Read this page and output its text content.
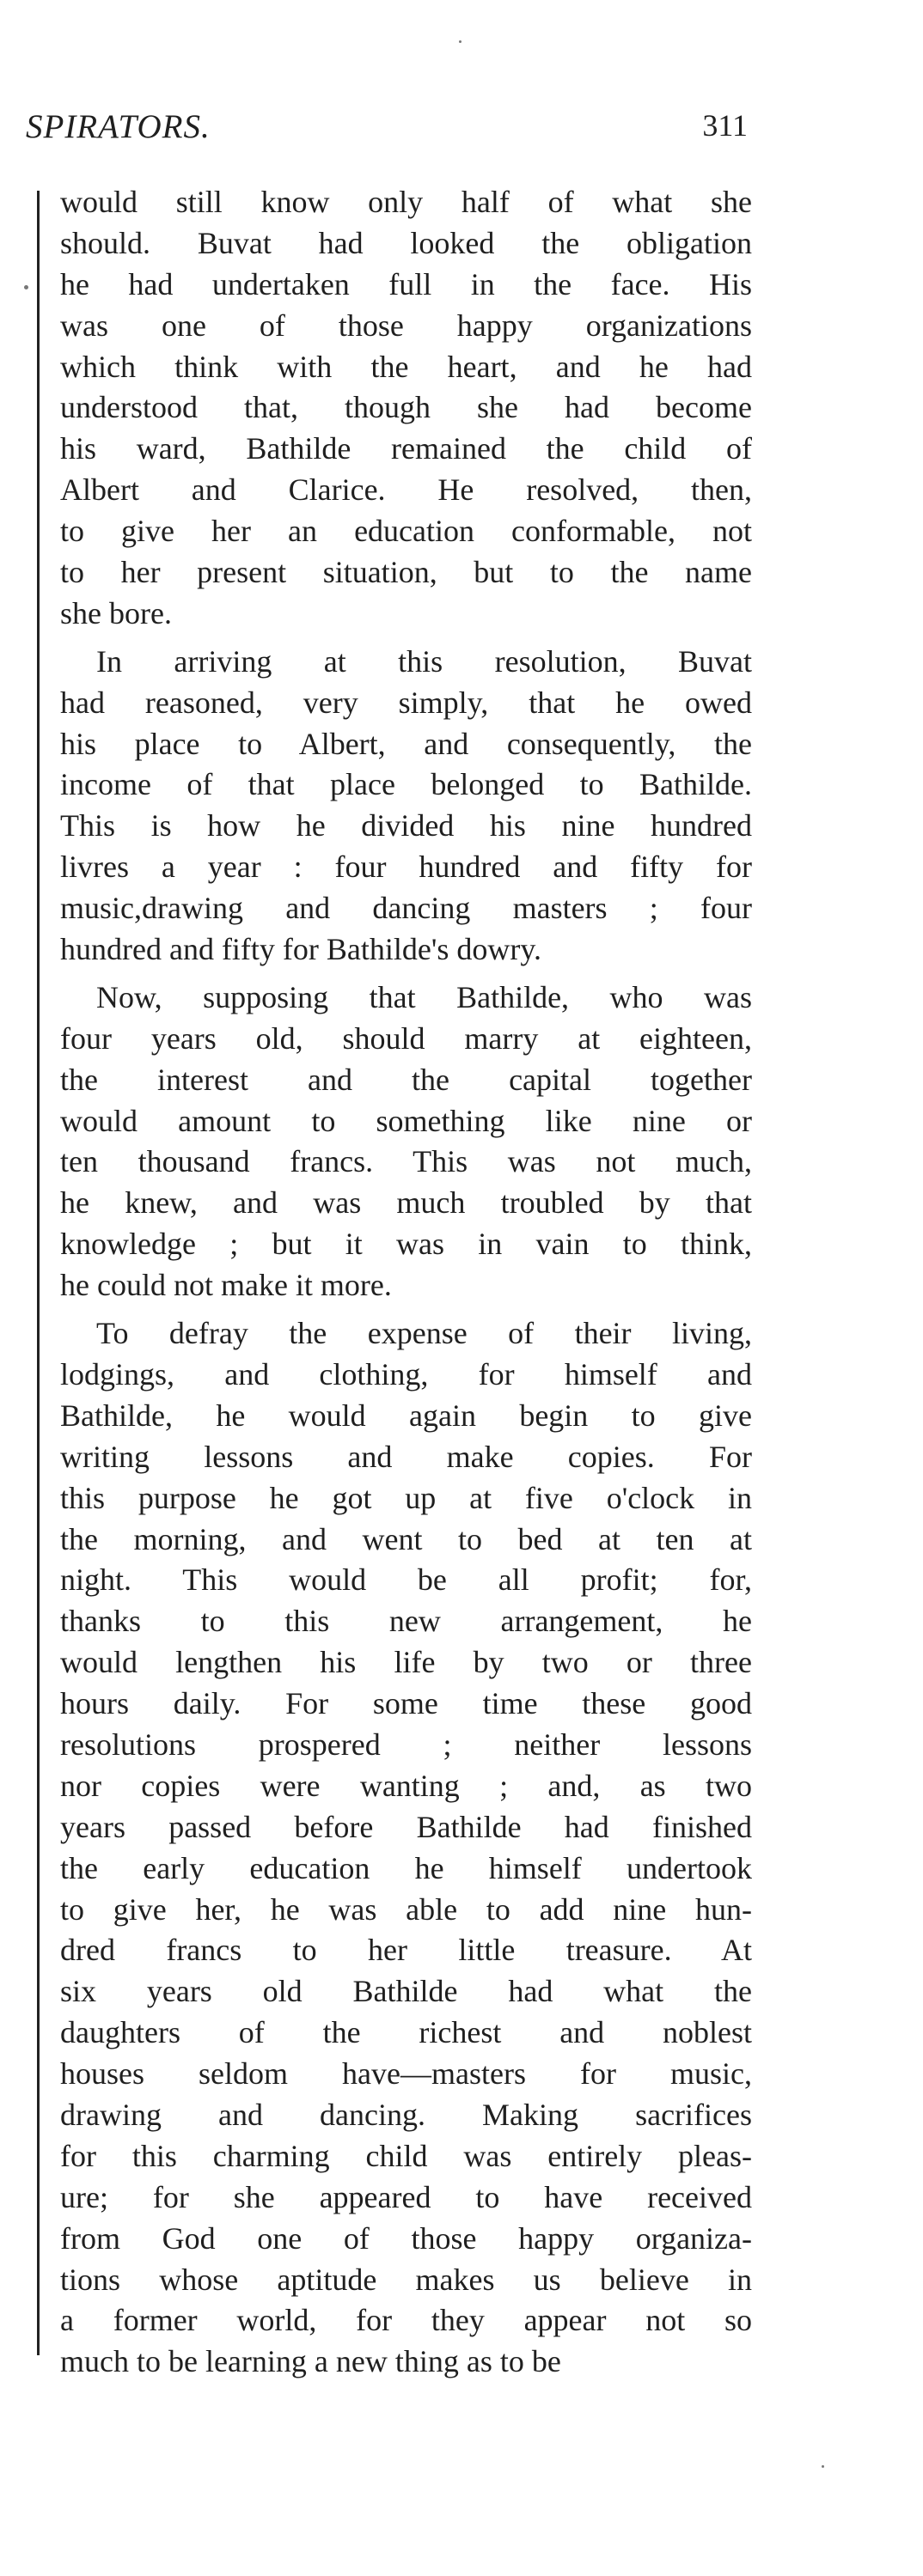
SPIRATORS.	311
would still know only half of what she
should. Buvat had looked the obligation
he had undertaken full in the face. His
was one of those happy organizations
which think with the heart, and he had
understood that, though she had become
his ward, Bathilde remained the child of
Albert and Clarice. He resolved, then,
to give her an education conformable, not
to her present situation, but to the name
she bore.
In arriving at this resolution, Buvat
had reasoned, very simply, that he owed
his place to Albert, and consequently, the
income of that place belonged to Bathilde.
This is how he divided his nine hundred
livres a year : four hundred and fifty for
music,drawing and dancing masters ; four
hundred and fifty for Bathilde's dowry.
Now, supposing that Bathilde, who was
four years old, should marry at eighteen,
the interest and the capital together
would amount to something like nine or
ten thousand francs. This was not much,
he knew, and was much troubled by that
knowledge ; but it was in vain to think,
he could not make it more.
To defray the expense of their living,
lodgings, and clothing, for himself and
Bathilde, he would again begin to give
writing lessons and make copies. For
this purpose he got up at five o'clock in
the morning, and went to bed at ten at
night. This would be all profit; for,
thanks to this new arrangement, he
would lengthen his life by two or three
hours daily. For some time these good
resolutions prospered ; neither lessons
nor copies were wanting ; and, as two
years passed before Bathilde had finished
the early education he himself undertook
to give her, he was able to add nine hun-
dred francs to her little treasure. At
six years old Bathilde had what the
daughters of the richest and noblest
houses seldom have—masters for music,
drawing and dancing. Making sacrifices
for this charming child was entirely pleas-
ure; for she appeared to have received
from God one of those happy organiza-
tions whose aptitude makes us believe in
a former world, for they appear not so
much to be learning a new thing as to be
